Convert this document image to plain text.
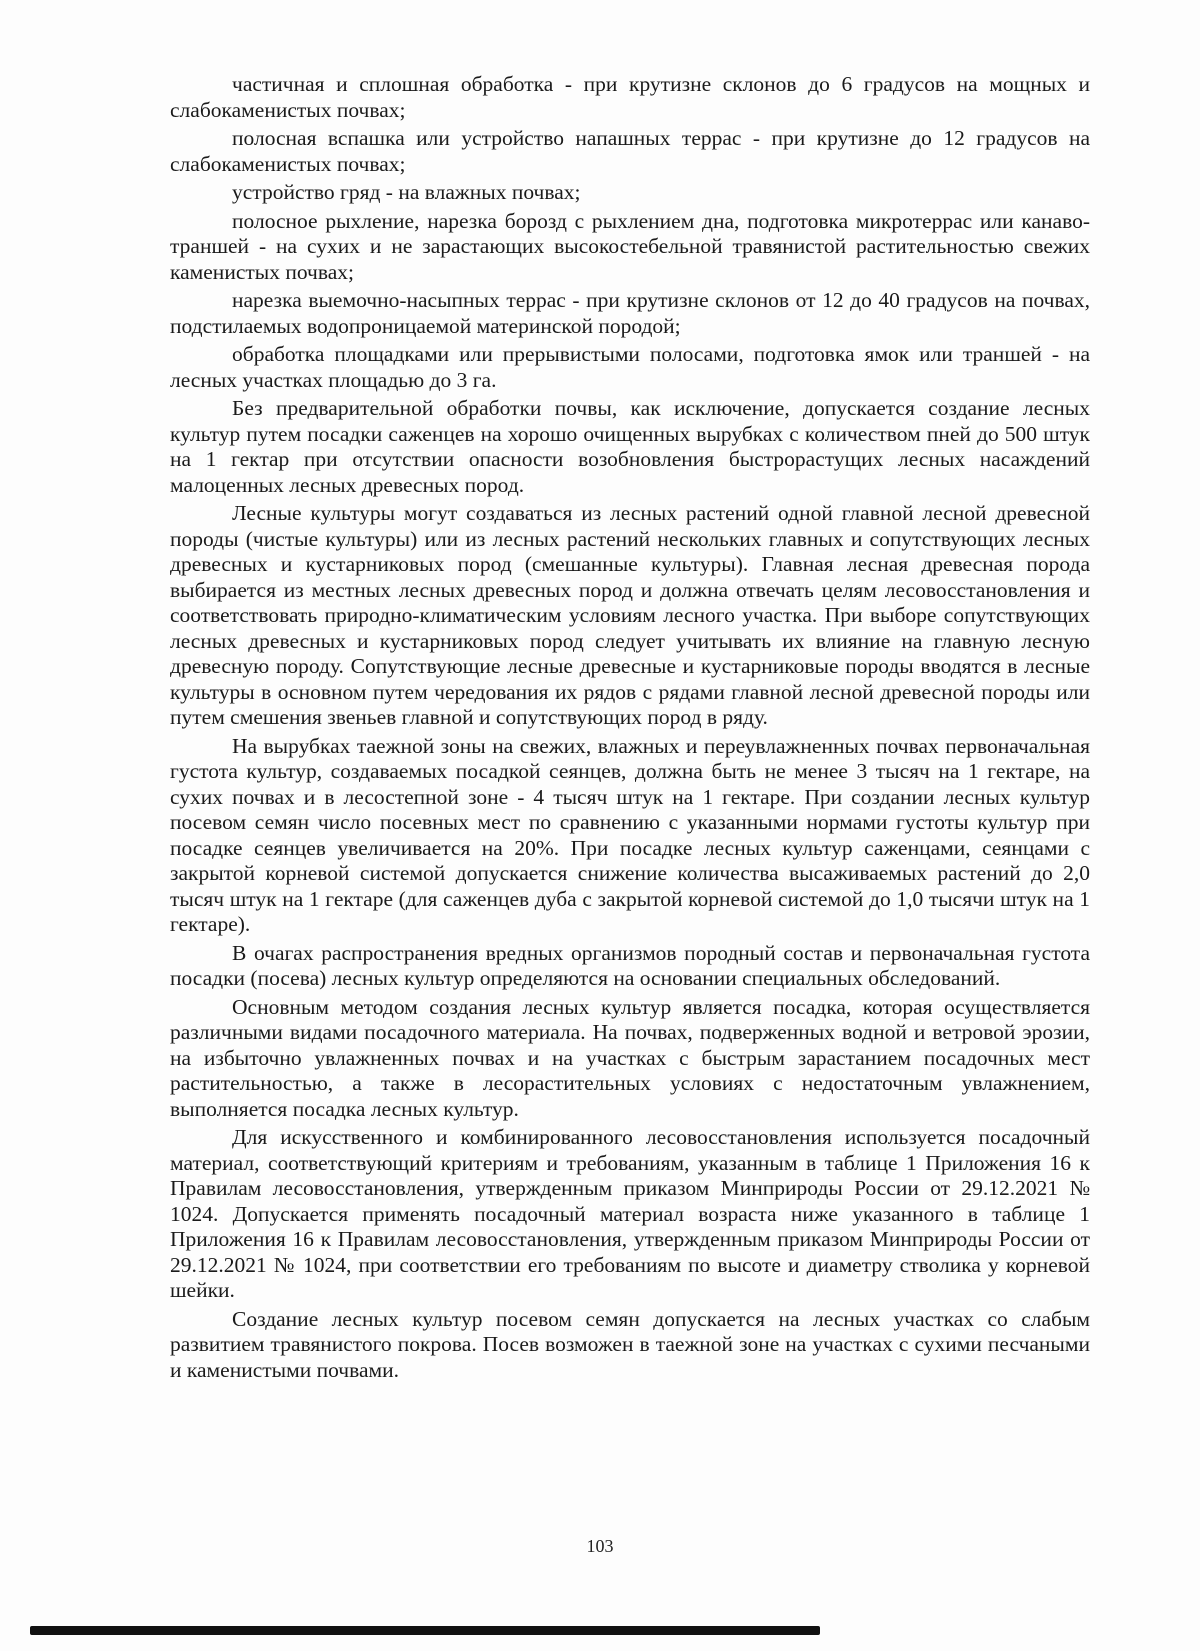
частичная и сплошная обработка - при крутизне склонов до 6 градусов на мощных и слабокаменистых почвах;

полосная вспашка или устройство напашных террас - при крутизне до 12 градусов на слабокаменистых почвах;

устройство гряд - на влажных почвах;

полосное рыхление, нарезка борозд с рыхлением дна, подготовка микротеррас или канаво-траншей - на сухих и не зарастающих высокостебельной травянистой растительностью свежих каменистых почвах;

нарезка выемочно-насыпных террас - при крутизне склонов от 12 до 40 градусов на почвах, подстилаемых водопроницаемой материнской породой;

обработка площадками или прерывистыми полосами, подготовка ямок или траншей - на лесных участках площадью до 3 га.

Без предварительной обработки почвы, как исключение, допускается создание лесных культур путем посадки саженцев на хорошо очищенных вырубках с количеством пней до 500 штук на 1 гектар при отсутствии опасности возобновления быстрорастущих лесных насаждений малоценных лесных древесных пород.

Лесные культуры могут создаваться из лесных растений одной главной лесной древесной породы (чистые культуры) или из лесных растений нескольких главных и сопутствующих лесных древесных и кустарниковых пород (смешанные культуры). Главная лесная древесная порода выбирается из местных лесных древесных пород и должна отвечать целям лесовосстановления и соответствовать природно-климатическим условиям лесного участка. При выборе сопутствующих лесных древесных и кустарниковых пород следует учитывать их влияние на главную лесную древесную породу. Сопутствующие лесные древесные и кустарниковые породы вводятся в лесные культуры в основном путем чередования их рядов с рядами главной лесной древесной породы или путем смешения звеньев главной и сопутствующих пород в ряду.

На вырубках таежной зоны на свежих, влажных и переувлажненных почвах первоначальная густота культур, создаваемых посадкой сеянцев, должна быть не менее 3 тысяч на 1 гектаре, на сухих почвах и в лесостепной зоне - 4 тысяч штук на 1 гектаре. При создании лесных культур посевом семян число посевных мест по сравнению с указанными нормами густоты культур при посадке сеянцев увеличивается на 20%. При посадке лесных культур саженцами, сеянцами с закрытой корневой системой допускается снижение количества высаживаемых растений до 2,0 тысяч штук на 1 гектаре (для саженцев дуба с закрытой корневой системой до 1,0 тысячи штук на 1 гектаре).

В очагах распространения вредных организмов породный состав и первоначальная густота посадки (посева) лесных культур определяются на основании специальных обследований.

Основным методом создания лесных культур является посадка, которая осуществляется различными видами посадочного материала. На почвах, подверженных водной и ветровой эрозии, на избыточно увлажненных почвах и на участках с быстрым зарастанием посадочных мест растительностью, а также в лесорастительных условиях с недостаточным увлажнением, выполняется посадка лесных культур.

Для искусственного и комбинированного лесовосстановления используется посадочный материал, соответствующий критериям и требованиям, указанным в таблице 1 Приложения 16 к Правилам лесовосстановления, утвержденным приказом Минприроды России от 29.12.2021 № 1024. Допускается применять посадочный материал возраста ниже указанного в таблице 1 Приложения 16 к Правилам лесовосстановления, утвержденным приказом Минприроды России от 29.12.2021 № 1024, при соответствии его требованиям по высоте и диаметру стволика у корневой шейки.

Создание лесных культур посевом семян допускается на лесных участках со слабым развитием травянистого покрова. Посев возможен в таежной зоне на участках с сухими песчаными и каменистыми почвами.

103
